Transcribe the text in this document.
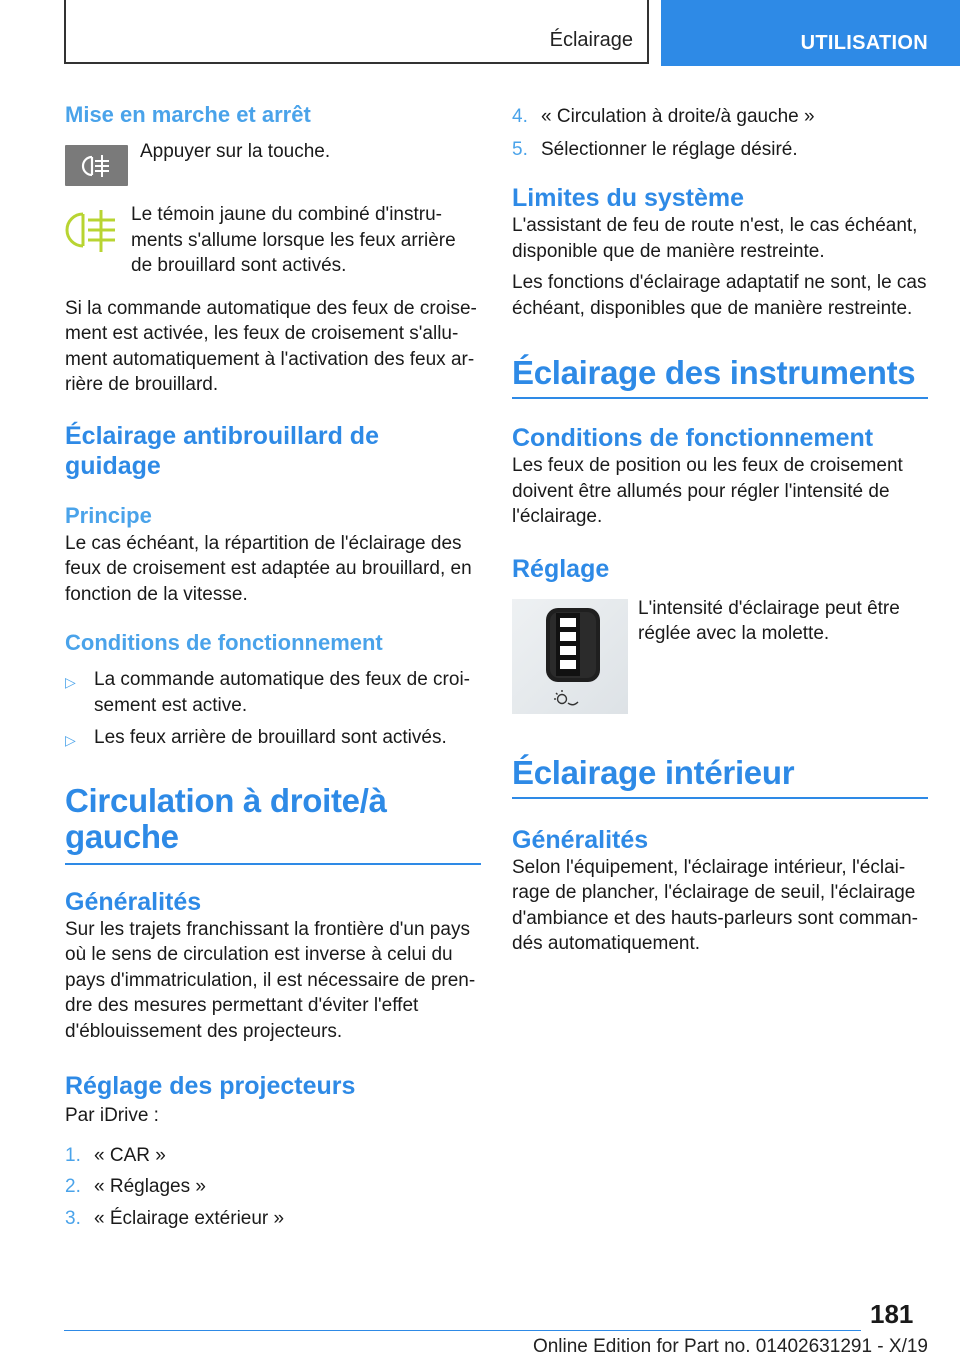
Éclairage	UTILISATION
Mise en marche et arrêt

Appuyer sur la touche.

Le témoin jaune du combiné d'instru-

ments s'allume lorsque les feux arrière

de brouillard sont activés.

Si la commande automatique des feux de croise-

ment est activée, les feux de croisement s'allu-

ment automatiquement à l'activation des feux ar-

rière de brouillard.

Éclairage antibrouillard de
guidage
Principe

Le cas échéant, la répartition de l'éclairage des

feux de croisement est adaptée au brouillard, en

fonction de la vitesse.

Conditions de fonctionnement
▷ La commande automatique des feux de croi-
sement est active.
▷ Les feux arrière de brouillard sont activés.
Circulation à droite/à
gauche
Généralités

Sur les trajets franchissant la frontière d'un pays

où le sens de circulation est inverse à celui du

pays d'immatriculation, il est nécessaire de pren-

dre des mesures permettant d'éviter l'effet

d'éblouissement des projecteurs.

Réglage des projecteurs

Par iDrive :

1. « CAR »
2. « Réglages »
3. « Éclairage extérieur »
4. « Circulation à droite/à gauche »
5. Sélectionner le réglage désiré.
Limites du système

L'assistant de feu de route n'est, le cas échéant,

disponible que de manière restreinte.

Les fonctions d'éclairage adaptatif ne sont, le cas

échéant, disponibles que de manière restreinte.

Éclairage des instruments
Conditions de fonctionnement

Les feux de position ou les feux de croisement

doivent être allumés pour régler l'intensité de

l'éclairage.

Réglage

L'intensité d'éclairage peut être

réglée avec la molette.

Éclairage intérieur
Généralités

Selon l'équipement, l'éclairage intérieur, l'éclai-

rage de plancher, l'éclairage de seuil, l'éclairage

d'ambiance et des hauts-parleurs sont comman-

dés automatiquement.

181
Online Edition for Part no. 01402631291 - X/19
